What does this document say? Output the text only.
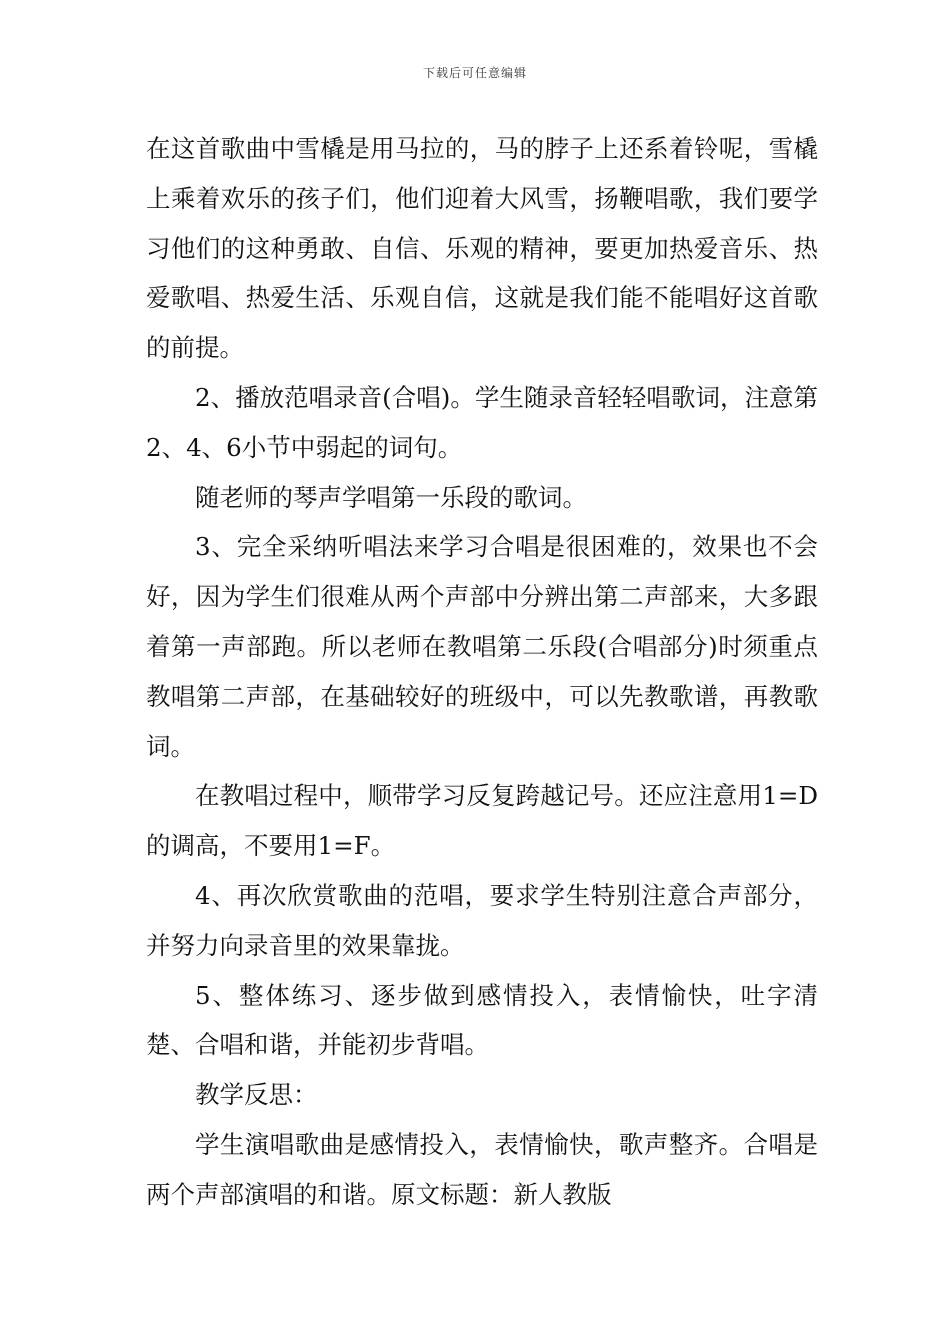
下载后可任意编辑

在这首歌曲中雪橇是用马拉的，马的脖子上还系着铃呢，雪橇上乘着欢乐的孩子们，他们迎着大风雪，扬鞭唱歌，我们要学习他们的这种勇敢、自信、乐观的精神，要更加热爱音乐、热爱歌唱、热爱生活、乐观自信，这就是我们能不能唱好这首歌的前提。

2、播放范唱录音(合唱)。学生随录音轻轻唱歌词，注意第2、4、6小节中弱起的词句。

随老师的琴声学唱第一乐段的歌词。

3、完全采纳听唱法来学习合唱是很困难的，效果也不会好，因为学生们很难从两个声部中分辨出第二声部来，大多跟着第一声部跑。所以老师在教唱第二乐段(合唱部分)时须重点教唱第二声部，在基础较好的班级中，可以先教歌谱，再教歌词。

在教唱过程中，顺带学习反复跨越记号。还应注意用1=D的调高，不要用1=F。

4、再次欣赏歌曲的范唱，要求学生特别注意合声部分，并努力向录音里的效果靠拢。

5、整体练习、逐步做到感情投入，表情愉快，吐字清楚、合唱和谐，并能初步背唱。

教学反思：

学生演唱歌曲是感情投入，表情愉快，歌声整齐。合唱是两个声部演唱的和谐。原文标题：新人教版
